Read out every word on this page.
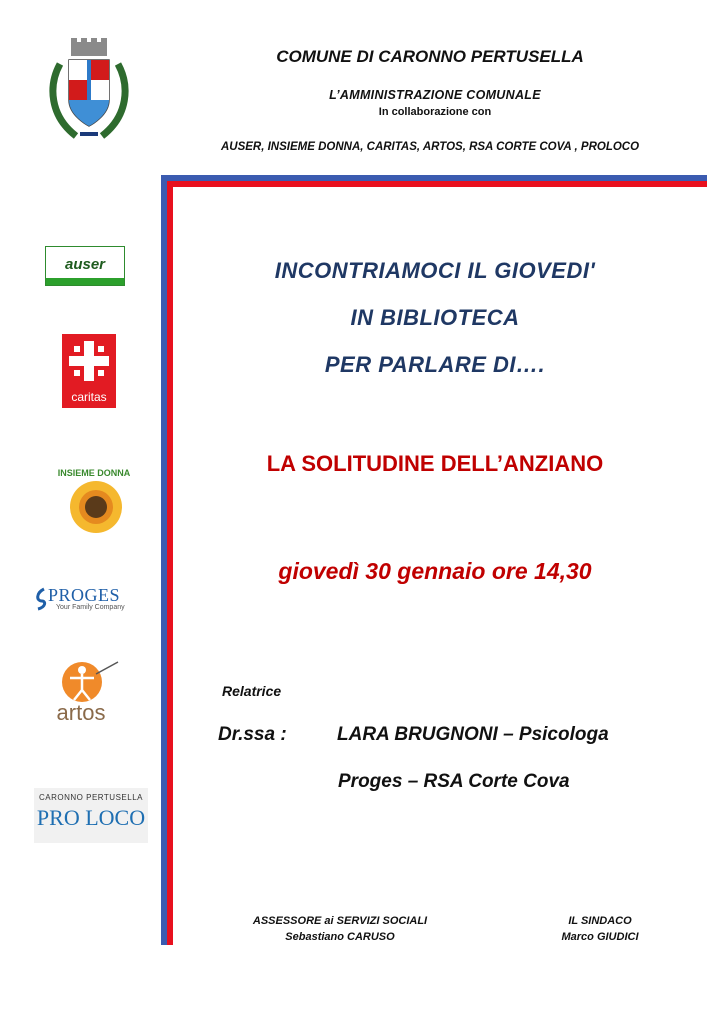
COMUNE DI CARONNO PERTUSELLA
L’AMMINISTRAZIONE COMUNALE
In collaborazione con
AUSER, INSIEME DONNA, CARITAS, ARTOS, RSA CORTE COVA , PROLOCO
auser
caritas
INSIEME DONNA
PROGES
Your Family Company
artos
CARONNO PERTUSELLA
PRO LOCO
INCONTRIAMOCI IL GIOVEDI'
IN BIBLIOTECA
PER PARLARE DI….
LA SOLITUDINE DELL’ANZIANO
giovedì 30 gennaio ore 14,30
Relatrice
Dr.ssa :	LARA BRUGNONI – Psicologa
Proges – RSA Corte Cova
ASSESSORE ai SERVIZI SOCIALI
Sebastiano CARUSO
IL SINDACO
Marco GIUDICI
